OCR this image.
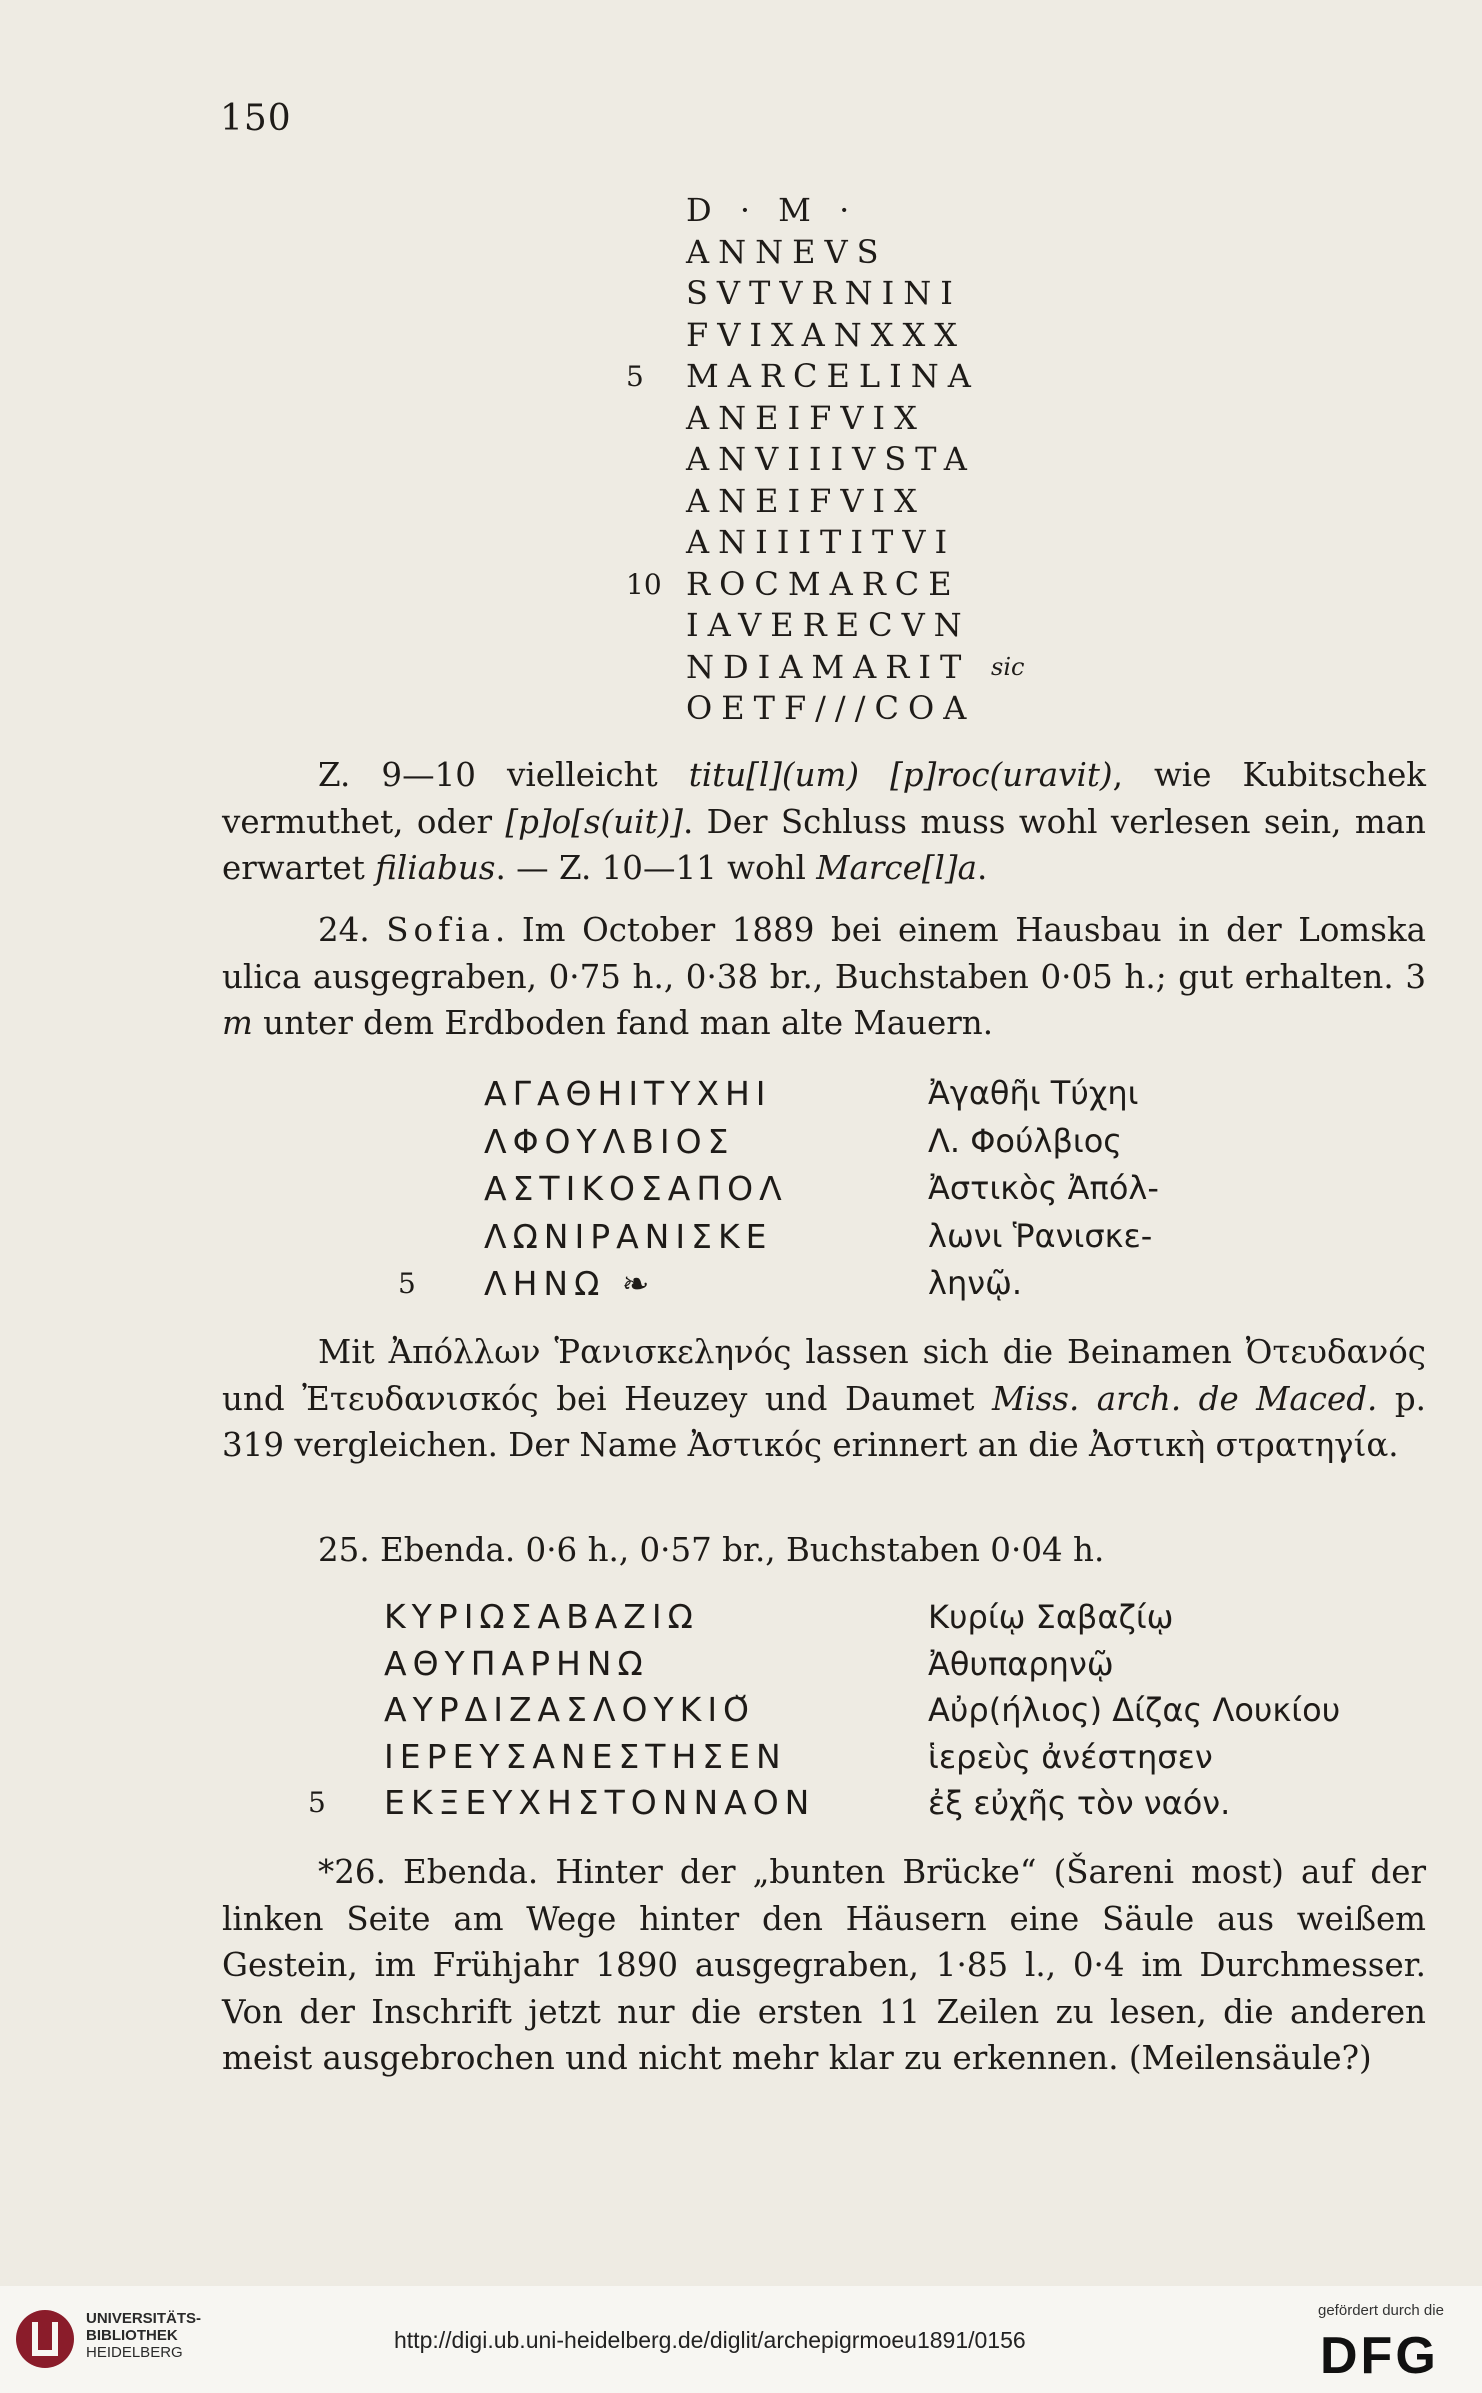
150
D · M ·
ANNEVS
SVTVRNINI
FVIXANXXX
5 MARCELINA
ANEIFVIX
ANVIIIVSTA
ANEIFVIX
ANIIITITVI
10 ROCMARCE
IAVERECVN
NDIAMARIT sic
OETF///COA

Z. 9—10 vielleicht titu[l](um) [p]roc(uravit), wie Kubitschek vermuthet, oder [p]o[s(uit)]. Der Schluss muss wohl verlesen sein, man erwartet filiabus. — Z. 10—11 wohl Marce[l]a.

24. Sofia. Im October 1889 bei einem Hausbau in der Lomska ulica ausgegraben, 0·75 h., 0·38 br., Buchstaben 0·05 h.; gut erhalten. 3 m unter dem Erdboden fand man alte Mauern.

ΑΓΑΘΗΙΤΥΧΗΙ
ΛΦΟΥΛΒΙΟΣ
ΑΣΤΙΚΟΣΑΠΟΛ
ΛΩΝΙΡΑΝΙΣΚΕ
5 ΛΗΝΩ ❧
Ἀγαθῆι Τύχηι
Λ. Φούλβιος
Ἀστικὸς Ἀπόλ-
λωνι Ῥανισκε-
ληνῷ.

Mit Ἀπόλλων Ῥανισκεληνός lassen sich die Beinamen Ὀτευδανός und Ἐτευδανισκός bei Heuzey und Daumet Miss. arch. de Maced. p. 319 vergleichen. Der Name Ἀστικός erinnert an die Ἀστικὴ στρατηγία.

25. Ebenda. 0·6 h., 0·57 br., Buchstaben 0·04 h.

ΚΥΡΙΩΣΑΒΑΖΙΩ
ΑΘΥΠΑΡΗΝΩ
ΑΥΡΔΙΖΑΣΛΟΥΚΙΟ̆
ΙΕΡΕΥΣΑΝΕΣΤΗΣΕΝ
5 ΕΚΞΕΥΧΗΣΤΟΝΝΑΟΝ
Κυρίῳ Σαβαζίῳ
Ἀθυπαρηνῷ
Αὐρ(ήλιος) Δίζας Λουκίου
ἱερεὺς ἀνέστησεν
ἐξ εὐχῆς τὸν ναόν.

*26. Ebenda. Hinter der „bunten Brücke“ (Šareni most) auf der linken Seite am Wege hinter den Häusern eine Säule aus weißem Gestein, im Frühjahr 1890 ausgegraben, 1·85 l., 0·4 im Durchmesser. Von der Inschrift jetzt nur die ersten 11 Zeilen zu lesen, die anderen meist ausgebrochen und nicht mehr klar zu erkennen. (Meilensäule?)

UNIVERSITÄTS-
BIBLIOTHEK
HEIDELBERG	http://digi.ub.uni-heidelberg.de/diglit/archepigrmoeu1891/0156
gefördert durch die
DFG
